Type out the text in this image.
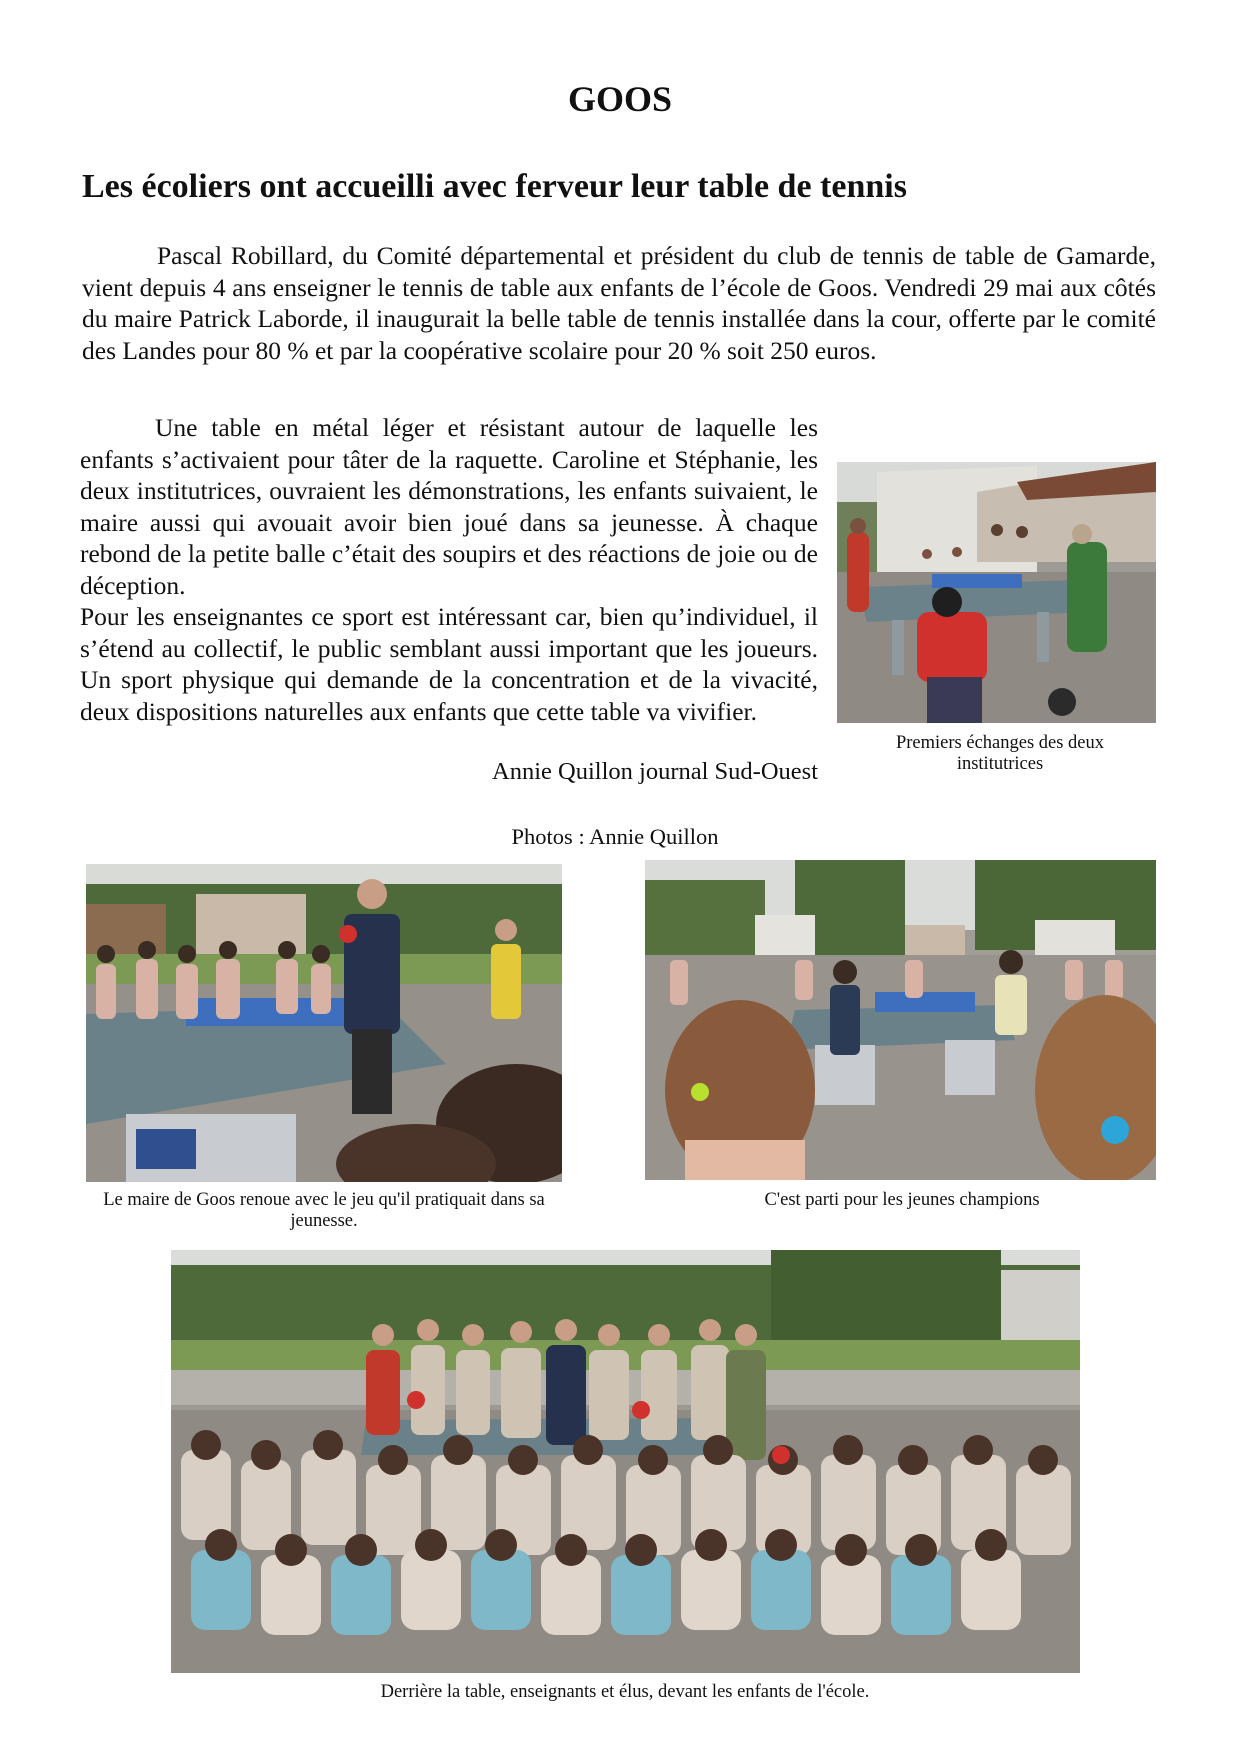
GOOS
Les écoliers ont accueilli avec ferveur leur table de tennis
Pascal Robillard, du Comité départemental et président du club de tennis de table de Gamarde, vient depuis 4 ans enseigner le tennis de table aux enfants de l’école de Goos. Vendredi 29 mai aux côtés du maire Patrick Laborde, il inaugurait la belle table de tennis installée dans la cour, offerte par le comité des Landes pour 80 % et par la coopérative scolaire pour 20 % soit 250 euros.
Une table en métal léger et résistant autour de laquelle les enfants s’activaient pour tâter de la raquette. Caroline et Stéphanie, les deux institutrices, ouvraient les démonstrations, les enfants suivaient, le maire aussi qui avouait avoir bien joué dans sa jeunesse. À chaque rebond de la petite balle c’était des soupirs et des réactions de joie ou de déception.
Pour les enseignantes ce sport est intéressant car, bien qu’individuel, il s’étend au collectif, le public semblant aussi important que les joueurs. Un sport physique qui demande de la concentration et de la vivacité, deux dispositions naturelles aux enfants que cette table va vivifier.
Annie Quillon journal Sud-Ouest
Premiers échanges des deux institutrices
Photos : Annie Quillon
Le maire de Goos renoue avec le jeu qu'il pratiquait dans sa jeunesse.
C'est parti pour les jeunes champions
Derrière la table, enseignants et élus, devant les enfants de l'école.
